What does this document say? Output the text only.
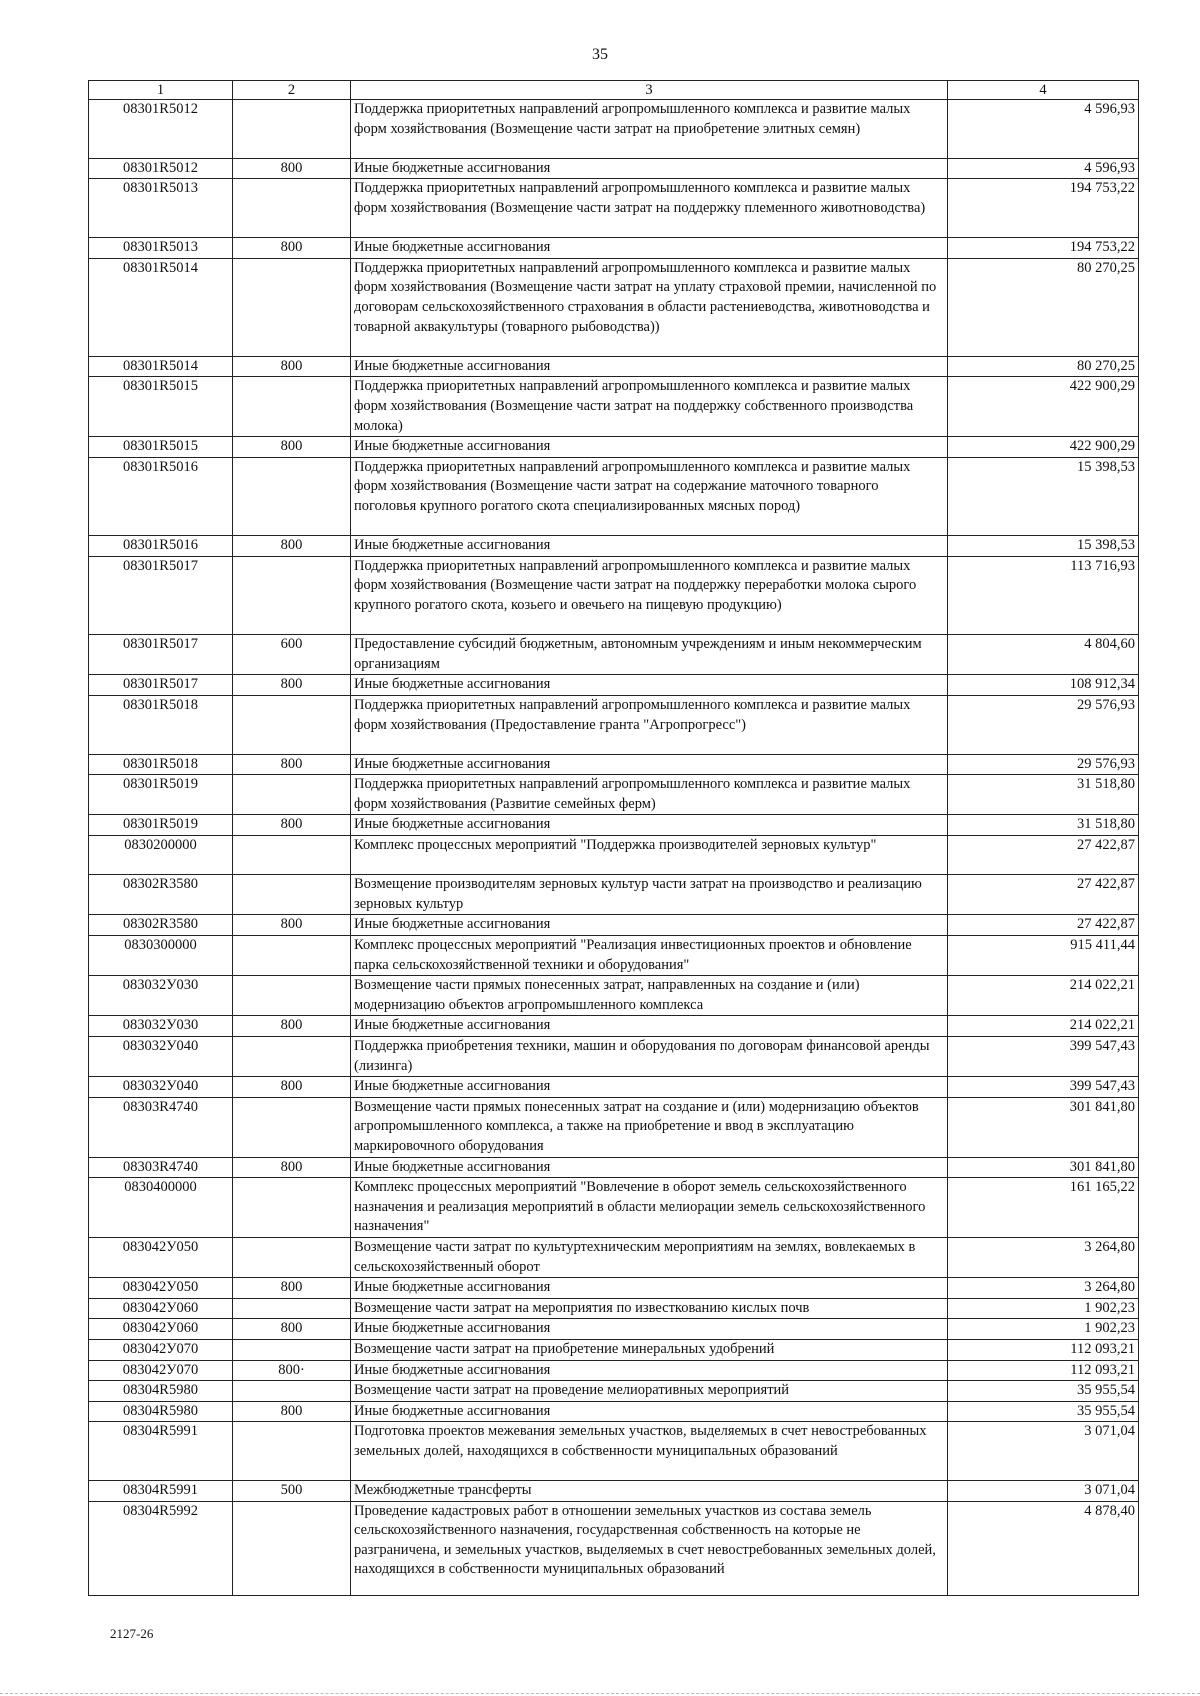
35
1	2	3	4
08301R5012		Поддержка приоритетных направлений агропромышленного комплекса и развитие малых форм хозяйствования (Возмещение части затрат на приобретение элитных семян)	4 596,93
08301R5012	800	Иные бюджетные ассигнования	4 596,93
08301R5013		Поддержка приоритетных направлений агропромышленного комплекса и развитие малых форм хозяйствования (Возмещение части затрат на поддержку племенного животноводства)	194 753,22
08301R5013	800	Иные бюджетные ассигнования	194 753,22
08301R5014		Поддержка приоритетных направлений агропромышленного комплекса и развитие малых форм хозяйствования (Возмещение части затрат на уплату страховой премии, начисленной по договорам сельскохозяйственного страхования в области растениеводства, животноводства и товарной аквакультуры (товарного рыбоводства))	80 270,25
08301R5014	800	Иные бюджетные ассигнования	80 270,25
08301R5015		Поддержка приоритетных направлений агропромышленного комплекса и развитие малых форм хозяйствования (Возмещение части затрат на поддержку собственного производства молока)	422 900,29
08301R5015	800	Иные бюджетные ассигнования	422 900,29
08301R5016		Поддержка приоритетных направлений агропромышленного комплекса и развитие малых форм хозяйствования (Возмещение части затрат на содержание маточного товарного поголовья крупного рогатого скота специализированных мясных пород)	15 398,53
08301R5016	800	Иные бюджетные ассигнования	15 398,53
08301R5017		Поддержка приоритетных направлений агропромышленного комплекса и развитие малых форм хозяйствования (Возмещение части затрат на поддержку переработки молока сырого крупного рогатого скота, козьего и овечьего на пищевую продукцию)	113 716,93
08301R5017	600	Предоставление субсидий бюджетным, автономным учреждениям и иным некоммерческим организациям	4 804,60
08301R5017	800	Иные бюджетные ассигнования	108 912,34
08301R5018		Поддержка приоритетных направлений агропромышленного комплекса и развитие малых форм хозяйствования (Предоставление гранта "Агропрогресс")	29 576,93
08301R5018	800	Иные бюджетные ассигнования	29 576,93
08301R5019		Поддержка приоритетных направлений агропромышленного комплекса и развитие малых форм хозяйствования (Развитие семейных ферм)	31 518,80
08301R5019	800	Иные бюджетные ассигнования	31 518,80
0830200000		Комплекс процессных мероприятий "Поддержка производителей зерновых культур"	27 422,87
08302R3580		Возмещение производителям зерновых культур части затрат на производство и реализацию зерновых культур	27 422,87
08302R3580	800	Иные бюджетные ассигнования	27 422,87
0830300000		Комплекс процессных мероприятий "Реализация инвестиционных проектов и обновление парка сельскохозяйственной техники и оборудования"	915 411,44
083032У030		Возмещение части прямых понесенных затрат, направленных на создание и (или) модернизацию объектов агропромышленного комплекса	214 022,21
083032У030	800	Иные бюджетные ассигнования	214 022,21
083032У040		Поддержка приобретения техники, машин и оборудования по договорам финансовой аренды (лизинга)	399 547,43
083032У040	800	Иные бюджетные ассигнования	399 547,43
08303R4740		Возмещение части прямых понесенных затрат на создание и (или) модернизацию объектов агропромышленного комплекса, а также на приобретение и ввод в эксплуатацию маркировочного оборудования	301 841,80
08303R4740	800	Иные бюджетные ассигнования	301 841,80
0830400000		Комплекс процессных мероприятий "Вовлечение в оборот земель сельскохозяйственного назначения и реализация мероприятий в области мелиорации земель сельскохозяйственного назначения"	161 165,22
083042У050		Возмещение части затрат по культуртехническим мероприятиям на землях, вовлекаемых в сельскохозяйственный оборот	3 264,80
083042У050	800	Иные бюджетные ассигнования	3 264,80
083042У060		Возмещение части затрат на мероприятия по известкованию кислых почв	1 902,23
083042У060	800	Иные бюджетные ассигнования	1 902,23
083042У070		Возмещение части затрат на приобретение минеральных удобрений	112 093,21
083042У070	800·	Иные бюджетные ассигнования	112 093,21
08304R5980		Возмещение части затрат на проведение мелиоративных мероприятий	35 955,54
08304R5980	800	Иные бюджетные ассигнования	35 955,54
08304R5991		Подготовка проектов межевания земельных участков, выделяемых в счет невостребованных земельных долей, находящихся в собственности муниципальных образований	3 071,04
08304R5991	500	Межбюджетные трансферты	3 071,04
08304R5992		Проведение кадастровых работ в отношении земельных участков из состава земель сельскохозяйственного назначения, государственная собственность на которые не разграничена, и земельных участков, выделяемых в счет невостребованных земельных долей, находящихся в собственности муниципальных образований	4 878,40
2127-26
